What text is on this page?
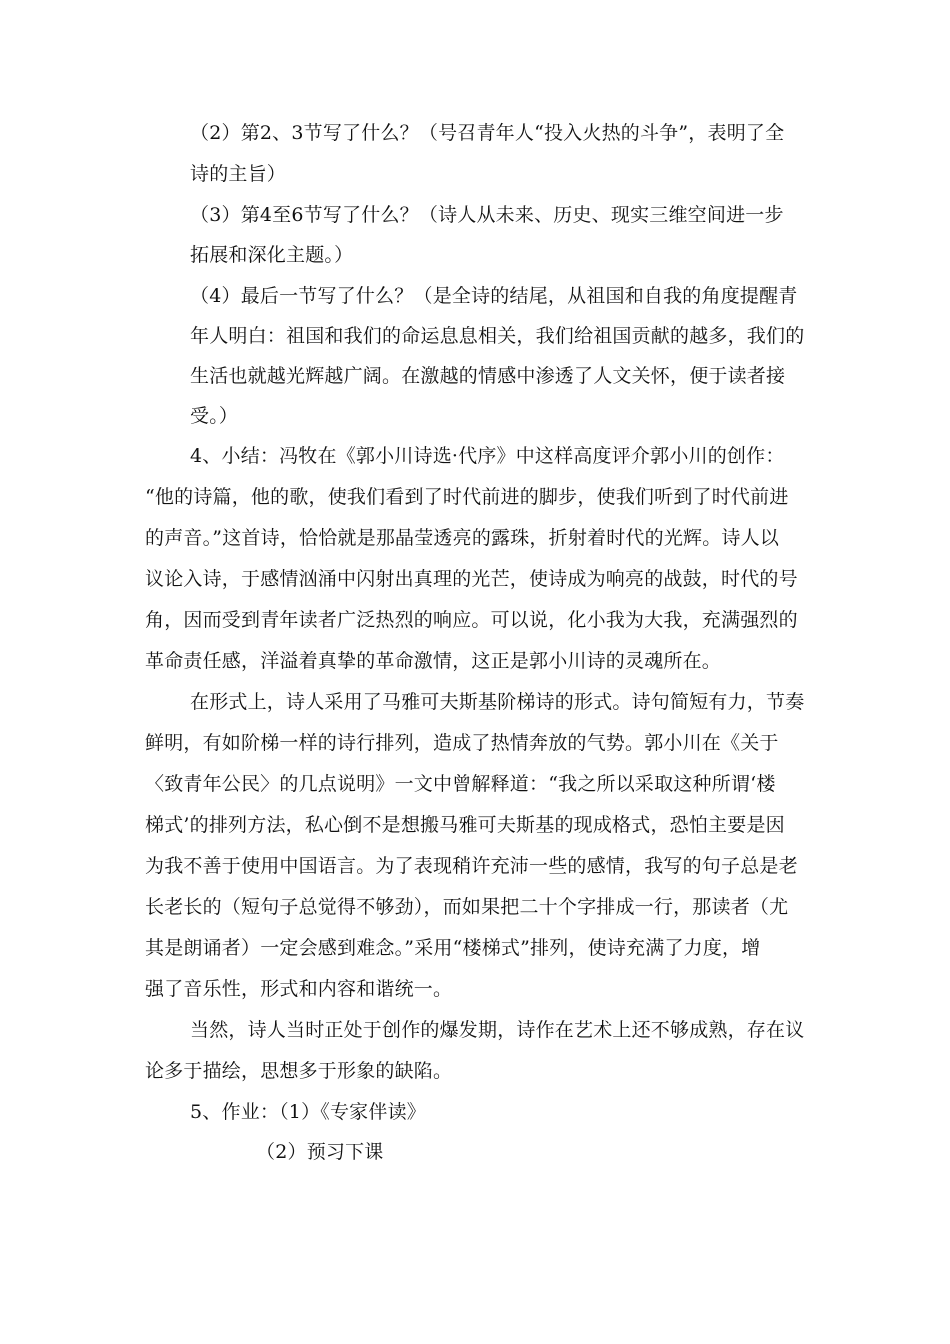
（2）第2、3节写了什么？（号召青年人“投入火热的斗争”，表明了全
诗的主旨）
（3）第4至6节写了什么？（诗人从未来、历史、现实三维空间进一步
拓展和深化主题。）
（4）最后一节写了什么？（是全诗的结尾，从祖国和自我的角度提醒青
年人明白：祖国和我们的命运息息相关，我们给祖国贡献的越多，我们的
生活也就越光辉越广阔。在激越的情感中渗透了人文关怀，便于读者接
受。）
4、小结：冯牧在《郭小川诗选·代序》中这样高度评介郭小川的创作：
“他的诗篇，他的歌，使我们看到了时代前进的脚步，使我们听到了时代前进
的声音。”这首诗，恰恰就是那晶莹透亮的露珠，折射着时代的光辉。诗人以
议论入诗，于感情汹涌中闪射出真理的光芒，使诗成为响亮的战鼓，时代的号
角，因而受到青年读者广泛热烈的响应。可以说，化小我为大我，充满强烈的
革命责任感，洋溢着真挚的革命激情，这正是郭小川诗的灵魂所在。
在形式上，诗人采用了马雅可夫斯基阶梯诗的形式。诗句简短有力，节奏
鲜明，有如阶梯一样的诗行排列，造成了热情奔放的气势。郭小川在《关于
〈致青年公民〉的几点说明》一文中曾解释道：“我之所以采取这种所谓‘楼
梯式’的排列方法，私心倒不是想搬马雅可夫斯基的现成格式，恐怕主要是因
为我不善于使用中国语言。为了表现稍许充沛一些的感情，我写的句子总是老
长老长的（短句子总觉得不够劲），而如果把二十个字排成一行，那读者（尤
其是朗诵者）一定会感到难念。”采用“楼梯式”排列，使诗充满了力度，增
强了音乐性，形式和内容和谐统一。
当然，诗人当时正处于创作的爆发期，诗作在艺术上还不够成熟，存在议
论多于描绘，思想多于形象的缺陷。
5、作业：（1）《专家伴读》
（2）预习下课
